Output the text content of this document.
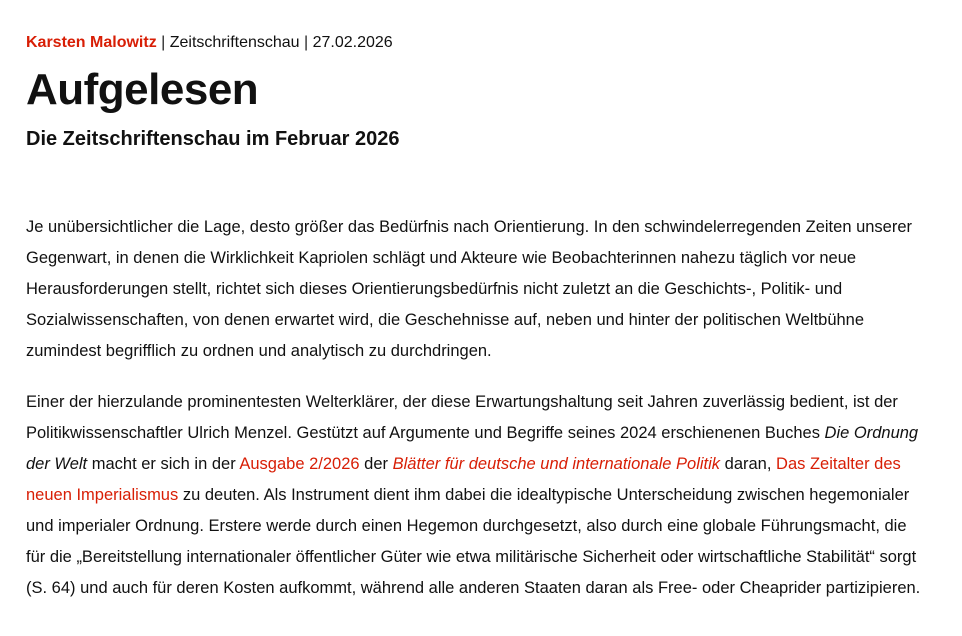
Karsten Malowitz | Zeitschriftenschau | 27.02.2026
Aufgelesen
Die Zeitschriftenschau im Februar 2026

Je unübersichtlicher die Lage, desto größer das Bedürfnis nach Orientierung. In den schwindelerregenden Zeiten unserer Gegenwart, in denen die Wirklichkeit Kapriolen schlägt und Akteure wie Beobachterinnen nahezu täglich vor neue Herausforderungen stellt, richtet sich dieses Orientierungsbedürfnis nicht zuletzt an die Geschichts-, Politik- und Sozialwissenschaften, von denen erwartet wird, die Geschehnisse auf, neben und hinter der politischen Weltbühne zumindest begrifflich zu ordnen und analytisch zu durchdringen.

Einer der hierzulande prominentesten Welterklärer, der diese Erwartungshaltung seit Jahren zuverlässig bedient, ist der Politikwissenschaftler Ulrich Menzel. Gestützt auf Argumente und Begriffe seines 2024 erschienenen Buches Die Ordnung der Welt macht er sich in der Ausgabe 2/2026 der Blätter für deutsche und internationale Politik daran, Das Zeitalter des neuen Imperialismus zu deuten. Als Instrument dient ihm dabei die idealtypische Unterscheidung zwischen hegemonialer und imperialer Ordnung. Erstere werde durch einen Hegemon durchgesetzt, also durch eine globale Führungsmacht, die für die „Bereitstellung internationaler öffentlicher Güter wie etwa militärische Sicherheit oder wirtschaftliche Stabilität“ sorgt (S. 64) und auch für deren Kosten aufkommt, während alle anderen Staaten daran als Free- oder Cheaprider partizipieren.
